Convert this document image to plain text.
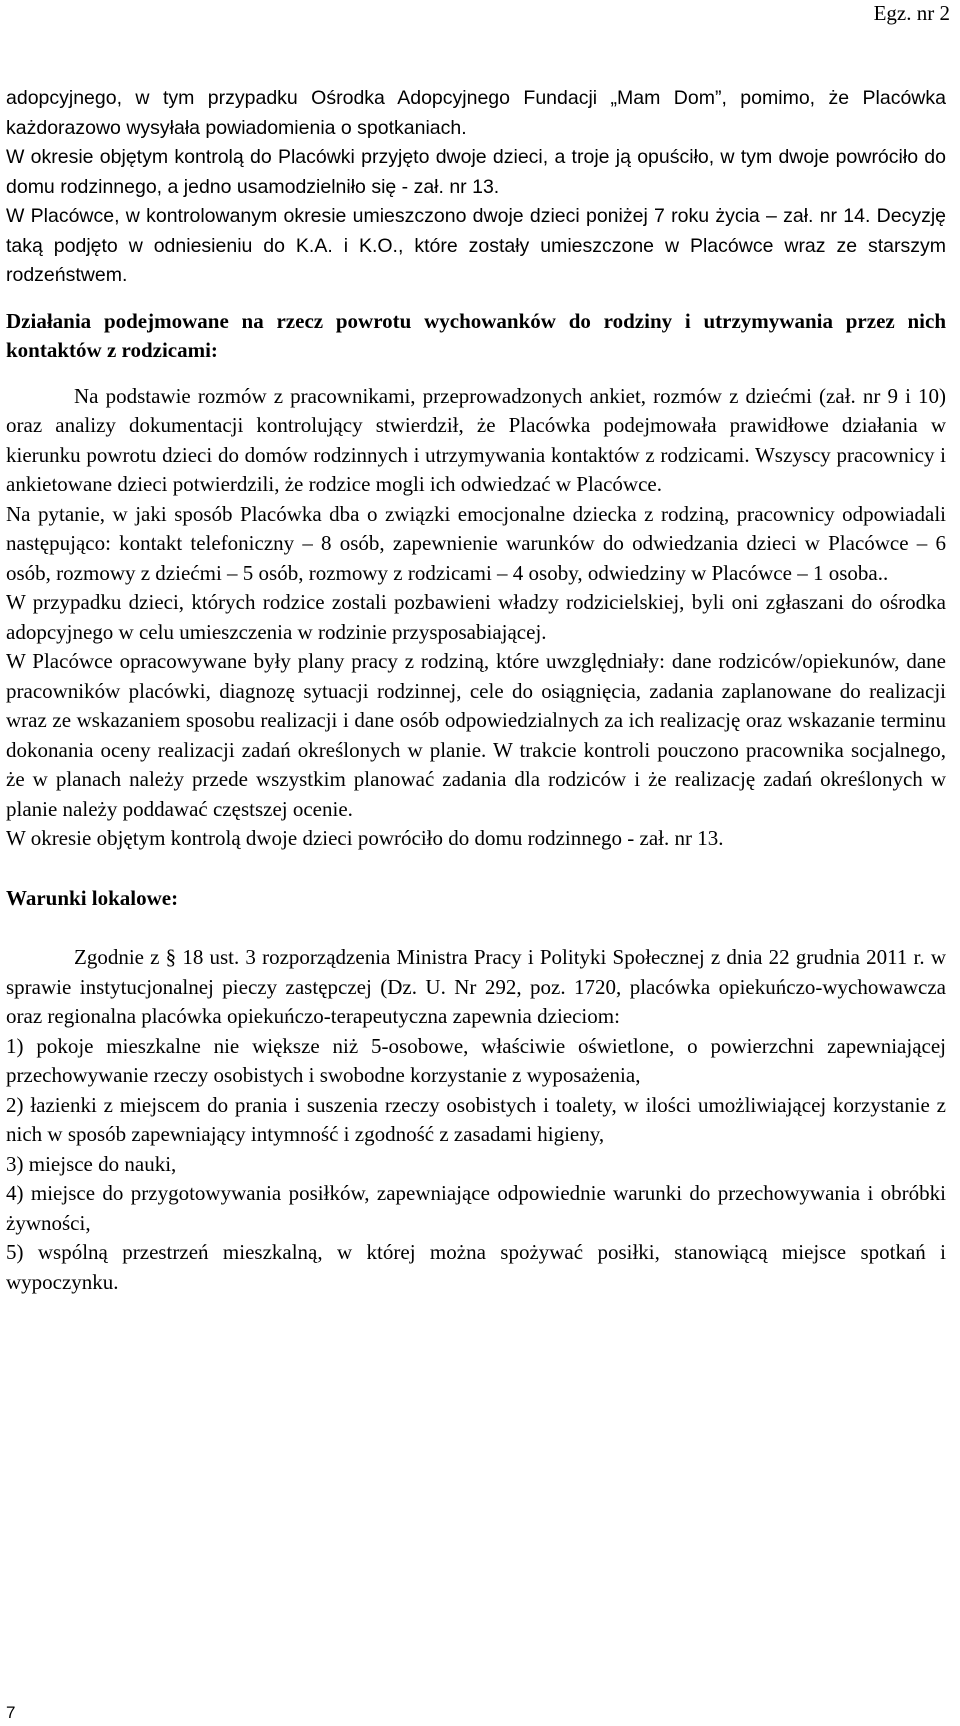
Egz. nr 2

adopcyjnego, w tym przypadku Ośrodka Adopcyjnego Fundacji „Mam Dom”, pomimo, że Placówka każdorazowo wysyłała powiadomienia o spotkaniach.

W okresie objętym kontrolą do Placówki przyjęto dwoje dzieci, a troje ją opuściło, w tym dwoje powróciło do domu rodzinnego, a jedno usamodzielniło się - zał. nr 13.

W Placówce, w kontrolowanym okresie umieszczono dwoje dzieci poniżej 7 roku życia – zał. nr 14. Decyzję taką podjęto w odniesieniu do K.A. i K.O., które zostały umieszczone w Placówce wraz ze starszym rodzeństwem.

Działania podejmowane na rzecz powrotu wychowanków do rodziny i utrzymywania przez nich kontaktów z rodzicami:

Na podstawie rozmów z pracownikami, przeprowadzonych ankiet, rozmów z dziećmi (zał. nr 9 i 10) oraz analizy dokumentacji kontrolujący stwierdził, że Placówka podejmowała prawidłowe działania w kierunku powrotu dzieci do domów rodzinnych i utrzymywania kontaktów z rodzicami. Wszyscy pracownicy i ankietowane dzieci potwierdzili, że rodzice mogli ich odwiedzać w Placówce.

Na pytanie, w jaki sposób Placówka dba o związki emocjonalne dziecka z rodziną, pracownicy odpowiadali następująco: kontakt telefoniczny – 8 osób, zapewnienie warunków do odwiedzania dzieci w Placówce – 6 osób, rozmowy z dziećmi – 5 osób, rozmowy z rodzicami – 4 osoby, odwiedziny w Placówce – 1 osoba..

W przypadku dzieci, których rodzice zostali pozbawieni władzy rodzicielskiej, byli oni zgłaszani do ośrodka adopcyjnego w celu umieszczenia w rodzinie przysposabiającej.

W Placówce opracowywane były plany pracy z rodziną, które uwzględniały: dane rodziców/opiekunów, dane pracowników placówki, diagnozę sytuacji rodzinnej, cele do osiągnięcia, zadania zaplanowane do realizacji wraz ze wskazaniem sposobu realizacji i dane osób odpowiedzialnych za ich realizację oraz wskazanie terminu dokonania oceny realizacji zadań określonych w planie. W trakcie kontroli pouczono pracownika socjalnego, że w planach należy przede wszystkim planować zadania dla rodziców i że realizację zadań określonych w planie należy poddawać częstszej ocenie.

W okresie objętym kontrolą dwoje dzieci powróciło do domu rodzinnego - zał. nr 13.

Warunki lokalowe:

Zgodnie z § 18 ust. 3 rozporządzenia Ministra Pracy i Polityki Społecznej z dnia 22 grudnia 2011 r. w sprawie instytucjonalnej pieczy zastępczej (Dz. U. Nr 292, poz. 1720, placówka opiekuńczo-wychowawcza oraz regionalna placówka opiekuńczo-terapeutyczna zapewnia dzieciom:

1) pokoje mieszkalne nie większe niż 5-osobowe, właściwie oświetlone, o powierzchni zapewniającej przechowywanie rzeczy osobistych i swobodne korzystanie z wyposażenia,

2) łazienki z miejscem do prania i suszenia rzeczy osobistych i toalety, w ilości umożliwiającej korzystanie z nich w sposób zapewniający intymność i zgodność z zasadami higieny,

3) miejsce do nauki,

4) miejsce do przygotowywania posiłków, zapewniające odpowiednie warunki do przechowywania i obróbki żywności,

5) wspólną przestrzeń mieszkalną, w której można spożywać posiłki, stanowiącą miejsce spotkań i wypoczynku.

7
